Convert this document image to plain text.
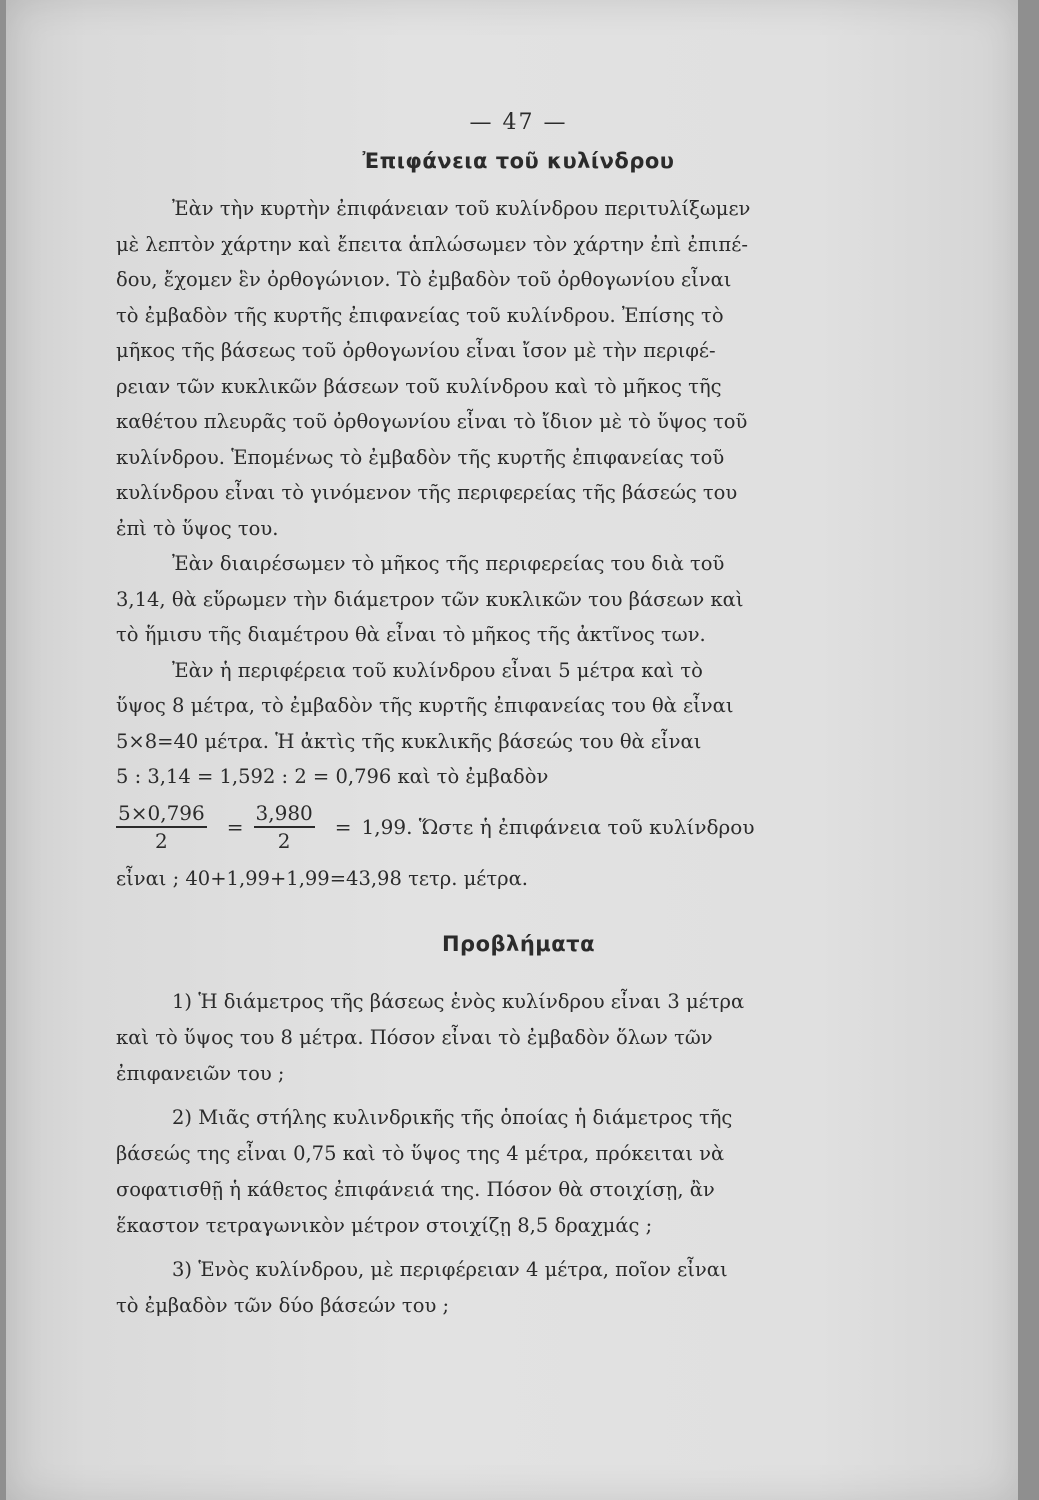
— 47 —
Ἐπιφάνεια τοῦ κυλίνδρου

Ἐὰν τὴν κυρτὴν ἐπιφάνειαν τοῦ κυλίνδρου περιτυλίξωμεν
μὲ λεπτὸν χάρτην καὶ ἔπειτα ἁπλώσωμεν τὸν χάρτην ἐπὶ ἐπιπέ-
δου, ἔχομεν ἓν ὀρθογώνιον. Τὸ ἐμβαδὸν τοῦ ὀρθογωνίου εἶναι
τὸ ἐμβαδὸν τῆς κυρτῆς ἐπιφανείας τοῦ κυλίνδρου. Ἐπίσης τὸ
μῆκος τῆς βάσεως τοῦ ὀρθογωνίου εἶναι ἴσον μὲ τὴν περιφέ-
ρειαν τῶν κυκλικῶν βάσεων τοῦ κυλίνδρου καὶ τὸ μῆκος τῆς
καθέτου πλευρᾶς τοῦ ὀρθογωνίου εἶναι τὸ ἴδιον μὲ τὸ ὕψος τοῦ
κυλίνδρου. Ἑπομένως τὸ ἐμβαδὸν τῆς κυρτῆς ἐπιφανείας τοῦ
κυλίνδρου εἶναι τὸ γινόμενον τῆς περιφερείας τῆς βάσεώς του
ἐπὶ τὸ ὕψος του.

Ἐὰν διαιρέσωμεν τὸ μῆκος τῆς περιφερείας του διὰ τοῦ
3,14, θὰ εὕρωμεν τὴν διάμετρον τῶν κυκλικῶν του βάσεων καὶ
τὸ ἥμισυ τῆς διαμέτρου θὰ εἶναι τὸ μῆκος τῆς ἀκτῖνος των.

Ἐὰν ἡ περιφέρεια τοῦ κυλίνδρου εἶναι 5 μέτρα καὶ τὸ
ὕψος 8 μέτρα, τὸ ἐμβαδὸν τῆς κυρτῆς ἐπιφανείας του θὰ εἶναι
5×8=40 μέτρα. Ἡ ἀκτὶς τῆς κυκλικῆς βάσεώς του θὰ εἶναι
5 : 3,14 = 1,592 : 2 = 0,796 καὶ τὸ ἐμβαδὸν

$\frac{5\times 0,796}{2} = \frac{3,980}{2} = 1,99$. Ὥστε ἡ ἐπιφάνεια τοῦ κυλίνδρου

εἶναι ; 40+1,99+1,99=43,98 τετρ. μέτρα.

Προβλήματα

1) Ἡ διάμετρος τῆς βάσεως ἑνὸς κυλίνδρου εἶναι 3 μέτρα
καὶ τὸ ὕψος του 8 μέτρα. Πόσον εἶναι τὸ ἐμβαδὸν ὅλων τῶν
ἐπιφανειῶν του ;

2) Μιᾶς στήλης κυλινδρικῆς τῆς ὁποίας ἡ διάμετρος τῆς
βάσεώς της εἶναι 0,75 καὶ τὸ ὕψος της 4 μέτρα, πρόκειται νὰ
σοφατισθῇ ἡ κάθετος ἐπιφάνειά της. Πόσον θὰ στοιχίσῃ, ἂν
ἕκαστον τετραγωνικὸν μέτρον στοιχίζῃ 8,5 δραχμάς ;

3) Ἑνὸς κυλίνδρου, μὲ περιφέρειαν 4 μέτρα, ποῖον εἶναι
τὸ ἐμβαδὸν τῶν δύο βάσεών του ;
